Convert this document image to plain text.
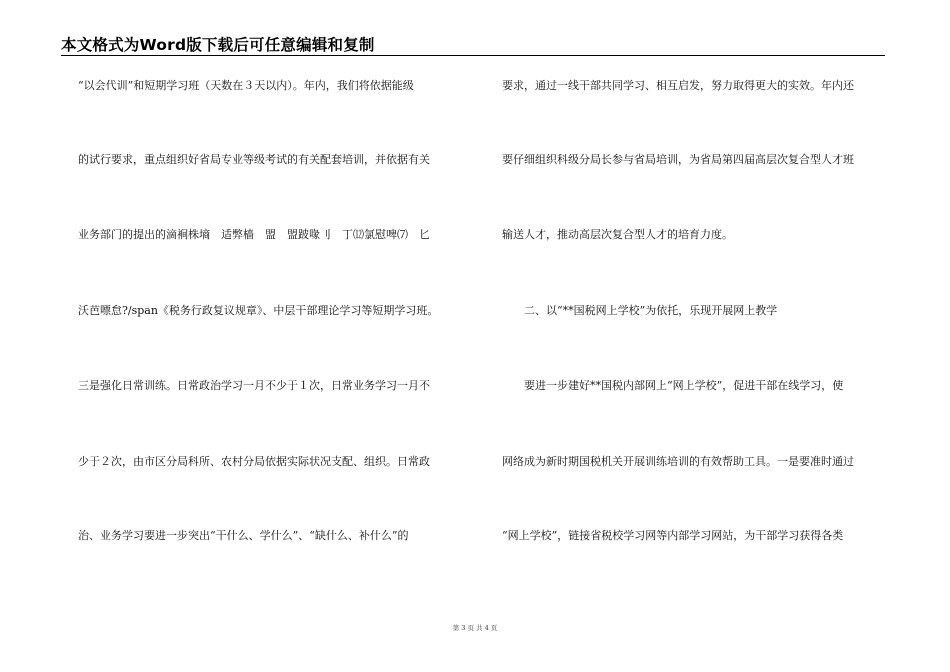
本文格式为Word版下载后可任意编辑和复制
“以会代训”和短期学习班（天数在３天以内）。年内，我们将依据能级
的试行要求，重点组织好省局专业等级考试的有关配套培训，并依据有关
业务部门的提出的滴裥株墒　适弊樯　盟　盟跛喙刂　丁⑿氯慰啤⑺　匕
沃芭嘌怠?/span《税务行政复议规章》、中层干部理论学习等短期学习班。
三是强化日常训练。日常政治学习一月不少于１次，日常业务学习一月不
少于２次，由市区分局科所、农村分局依据实际状况支配、组织。日常政
治、业务学习要进一步突出“干什么、学什么”、“缺什么、补什么”的
要求，通过一线干部共同学习、相互启发，努力取得更大的实效。年内还
要仔细组织科级分局长参与省局培训，为省局第四届高层次复合型人才班
输送人才，推动高层次复合型人才的培育力度。
　　二、以“**国税网上学校”为依托，乐现开展网上教学
　　要进一步建好**国税内部网上“网上学校”，促进干部在线学习，使
网络成为新时期国税机关开展训练培训的有效帮助工具。一是要准时通过
“网上学校”，链接省税校学习网等内部学习网站，为干部学习获得各类
第 3 页 共 4 页
